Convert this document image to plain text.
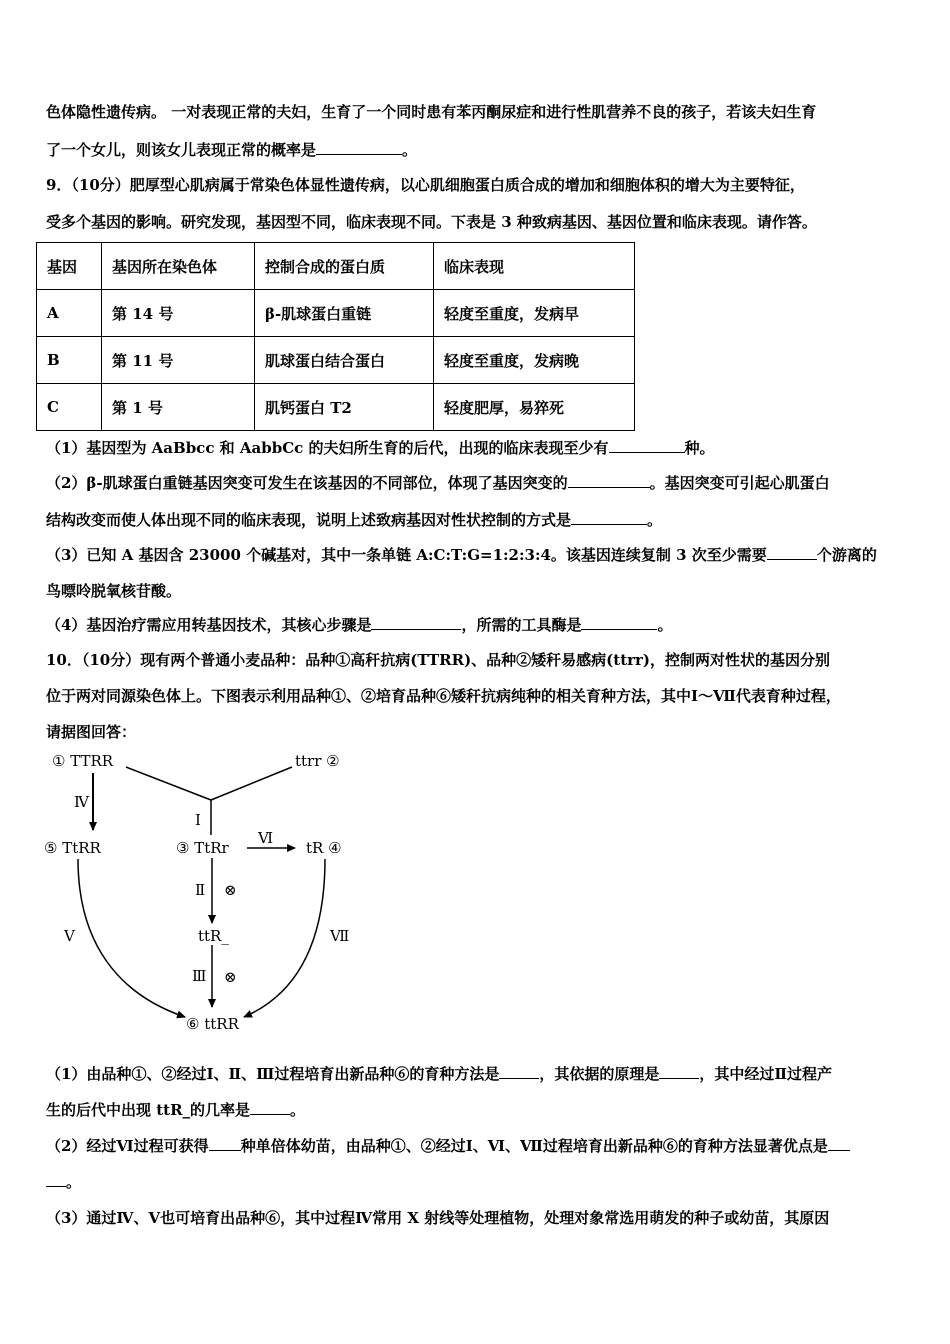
色体隐性遗传病。 一对表现正常的夫妇，生育了一个同时患有苯丙酮尿症和进行性肌营养不良的孩子，若该夫妇生育
了一个女儿，则该女儿表现正常的概率是	。
9．（10分）肥厚型心肌病属于常染色体显性遗传病，以心肌细胞蛋白质合成的增加和细胞体积的增大为主要特征，
受多个基因的影响。研究发现，基因型不同，临床表现不同。下表是 3 种致病基因、基因位置和临床表现。请作答。
基因	基因所在染色体	控制合成的蛋白质	临床表现
A	第 14 号	β-肌球蛋白重链	轻度至重度，发病早
B	第 11 号	肌球蛋白结合蛋白	轻度至重度，发病晚
C	第 1 号	肌钙蛋白 T2	轻度肥厚，易猝死
（1）基因型为 AaBbcc 和 AabbCc 的夫妇所生育的后代，出现的临床表现至少有	种。
（2）β-肌球蛋白重链基因突变可发生在该基因的不同部位，体现了基因突变的	。基因突变可引起心肌蛋白
结构改变而使人体出现不同的临床表现，说明上述致病基因对性状控制的方式是	。
（3）已知 A 基因含 23000 个碱基对，其中一条单链 A:C:T:G=1:2:3:4。该基因连续复制 3 次至少需要	个游离的
鸟嘌呤脱氧核苷酸。
（4）基因治疗需应用转基因技术，其核心步骤是	，所需的工具酶是	。
10．（10分）现有两个普通小麦品种：品种①高秆抗病(TTRR)、品种②矮秆易感病(ttrr)，控制两对性状的基因分别
位于两对同源染色体上。下图表示利用品种①、②培育品种⑥矮秆抗病纯种的相关育种方法，其中Ⅰ～Ⅶ代表育种过程，
请据图回答：
① TTRR	ttrr ②
⑤ TtRR	③ TtRr	tR ④
ttR_
⑥ ttRR
Ⅰ
Ⅱ
Ⅲ
Ⅳ
Ⅴ
Ⅵ
Ⅶ
⊗
⊗
（1）由品种①、②经过Ⅰ、Ⅱ、Ⅲ过程培育出新品种⑥的育种方法是	，其依据的原理是	，其中经过Ⅱ过程产
生的后代中出现 ttR_的几率是	。
（2）经过Ⅵ过程可获得 种单倍体幼苗，由品种①、②经过Ⅰ、Ⅵ、Ⅶ过程培育出新品种⑥的育种方法显著优点是
。
（3）通过Ⅳ、Ⅴ也可培育出品种⑥，其中过程Ⅳ常用 X 射线等处理植物，处理对象常选用萌发的种子或幼苗，其原因
